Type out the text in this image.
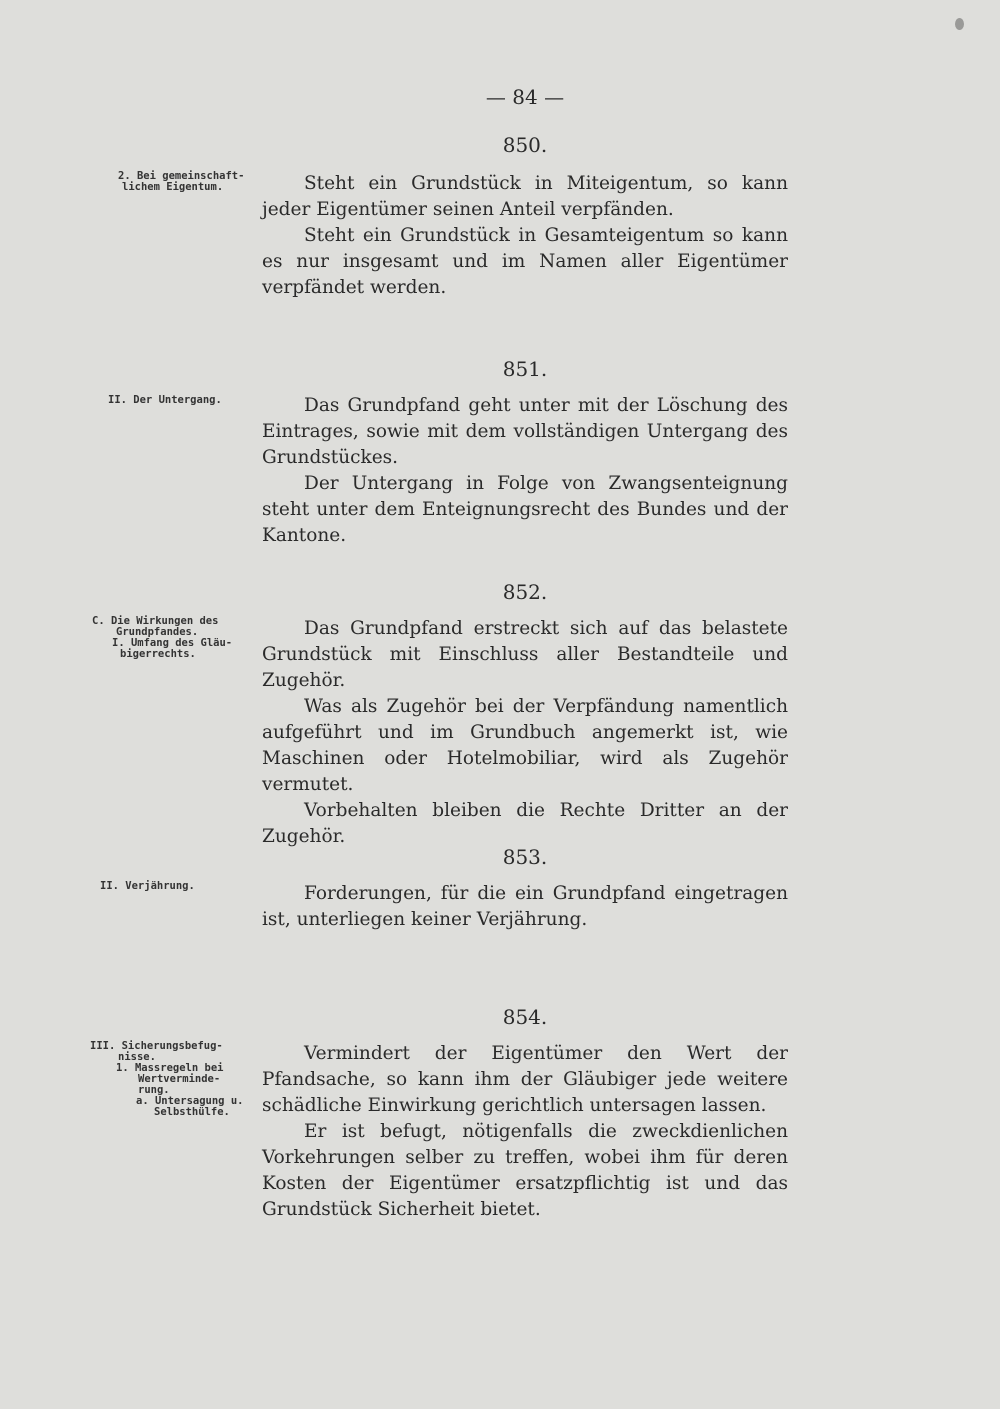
— 84 —
850.
2. Bei gemeinschaft-
lichem Eigentum.	Steht ein Grundstück in Miteigentum, so kann jeder Eigentümer seinen Anteil verpfänden.

Steht ein Grundstück in Gesamteigentum so kann es nur insgesamt und im Namen aller Eigentümer verpfändet werden.

851.
II. Der Untergang.	Das Grundpfand geht unter mit der Löschung des Eintrages, sowie mit dem vollständigen Untergang des Grundstückes.

Der Untergang in Folge von Zwangsenteignung steht unter dem Enteignungsrecht des Bundes und der Kantone.

852.
C. Die Wirkungen des
Grundpfandes.
I. Umfang des Gläu-
bigerrechts.

Das Grundpfand erstreckt sich auf das belastete Grundstück mit Einschluss aller Bestandteile und Zugehör.

Was als Zugehör bei der Verpfändung namentlich aufgeführt und im Grundbuch angemerkt ist, wie Maschinen oder Hotelmobiliar, wird als Zugehör vermutet.

Vorbehalten bleiben die Rechte Dritter an der Zugehör.

853.
II. Verjährung.	Forderungen, für die ein Grundpfand eingetragen ist, unterliegen keiner Verjährung.

854.
III. Sicherungsbefug-
nisse.
1. Massregeln bei
Wertverminde-
rung.
a. Untersagung u.
Selbsthülfe.

Vermindert der Eigentümer den Wert der Pfandsache, so kann ihm der Gläubiger jede weitere schädliche Einwirkung gerichtlich untersagen lassen.

Er ist befugt, nötigenfalls die zweckdienlichen Vorkehrungen selber zu treffen, wobei ihm für deren Kosten der Eigentümer ersatzpflichtig ist und das Grundstück Sicherheit bietet.
